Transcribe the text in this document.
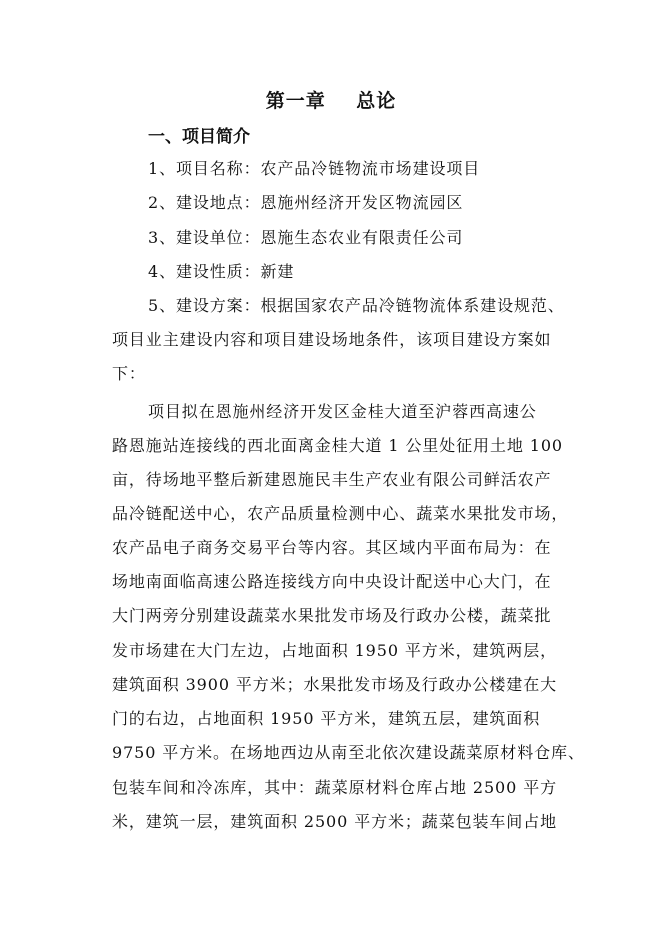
第一章    总论
一、项目简介
1、项目名称：农产品冷链物流市场建设项目
2、建设地点：恩施州经济开发区物流园区
3、建设单位：恩施生态农业有限责任公司
4、建设性质：新建
5、建设方案：根据国家农产品冷链物流体系建设规范、
项目业主建设内容和项目建设场地条件，该项目建设方案如
下：
项目拟在恩施州经济开发区金桂大道至沪蓉西高速公
路恩施站连接线的西北面离金桂大道 1 公里处征用土地 100
亩，待场地平整后新建恩施民丰生产农业有限公司鲜活农产
品冷链配送中心，农产品质量检测中心、蔬菜水果批发市场，
农产品电子商务交易平台等内容。其区域内平面布局为：在
场地南面临高速公路连接线方向中央设计配送中心大门，在
大门两旁分别建设蔬菜水果批发市场及行政办公楼，蔬菜批
发市场建在大门左边，占地面积 1950 平方米，建筑两层，
建筑面积 3900 平方米；水果批发市场及行政办公楼建在大
门的右边，占地面积 1950 平方米，建筑五层，建筑面积
9750 平方米。在场地西边从南至北依次建设蔬菜原材料仓库、
包装车间和冷冻库，其中：蔬菜原材料仓库占地 2500 平方
米，建筑一层，建筑面积 2500 平方米；蔬菜包装车间占地
